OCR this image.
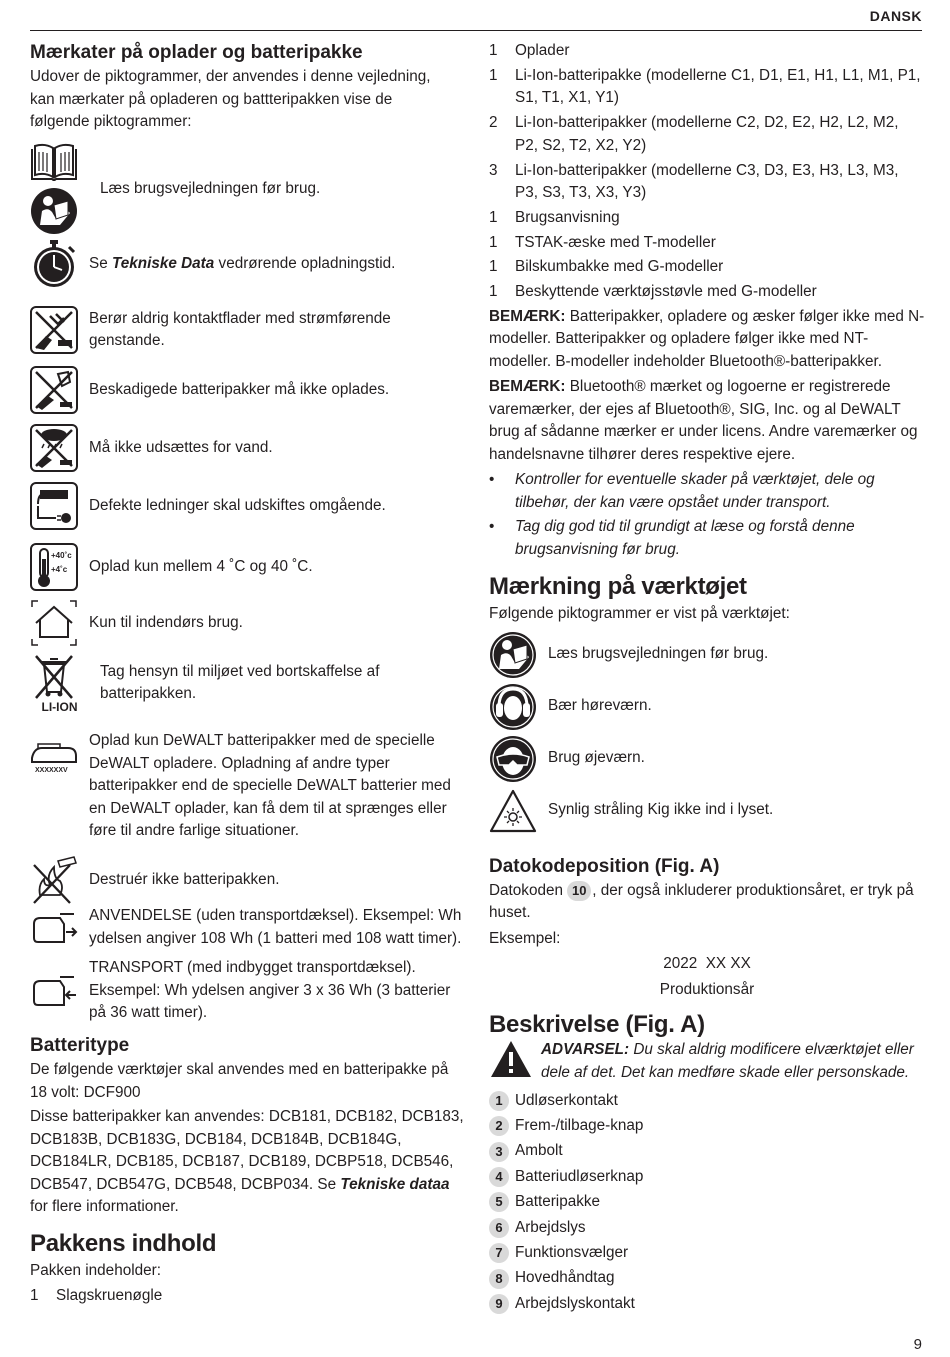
DANSK
Mærkater på oplader og batteripakke

Udover de piktogrammer, der anvendes i denne vejledning, kan mærkater på opladeren og battteripakken vise de følgende piktogrammer:

Læs brugsvejledningen før brug.
Se Tekniske Data vedrørende opladningstid.
Berør aldrig kontaktflader med strømførende genstande.
Beskadigede batteripakker må ikke oplades.
Må ikke udsættes for vand.
!	Defekte ledninger skal udskiftes omgående.
+40˚c
+4˚c Oplad kun mellem 4 ˚C og 40 ˚C.
Kun til indendørs brug.
LI-ION
Tag hensyn til miljøet ved bortskaffelse af batteripakken.
XXXXXXV
Oplad kun DeWALT batteripakker med de specielle DeWALT opladere. Opladning af andre typer batteripakker end de specielle DeWALT batterier med en DeWALT oplader, kan få dem til at sprænges eller føre til andre farlige situationer.
Destruér ikke batteripakken.
ANVENDELSE (uden transportdæksel). Eksempel: Wh ydelsen angiver 108 Wh (1 batteri med 108 watt timer).
TRANSPORT (med indbygget transportdæksel). Eksempel: Wh ydelsen angiver 3 x 36 Wh (3 batterier på 36 watt timer).
Batteritype

De følgende værktøjer skal anvendes med en batteripakke på 18 volt: DCF900

Disse batteripakker kan anvendes: DCB181, DCB182, DCB183, DCB183B, DCB183G, DCB184, DCB184B, DCB184G, DCB184LR, DCB185, DCB187, DCB189, DCBP518, DCB546, DCB547, DCB547G, DCB548, DCBP034. Se Tekniske dataa for flere informationer.

Pakkens indhold

Pakken indeholder:

1	Slagskruenøgle
1	Oplader
1	Li-Ion-batteripakke (modellerne C1, D1, E1, H1, L1, M1, P1, S1, T1, X1, Y1)
2	Li-Ion-batteripakker (modellerne C2, D2, E2, H2, L2, M2, P2, S2, T2, X2, Y2)
3	Li-Ion-batteripakker (modellerne C3, D3, E3, H3, L3, M3, P3, S3, T3, X3, Y3)
1	Brugsanvisning
1	TSTAK-æske med T-modeller
1	Bilskumbakke med G-modeller
1	Beskyttende værktøjsstøvle med G-modeller

BEMÆRK: Batteripakker, opladere og æsker følger ikke med N-modeller. Batteripakker og opladere følger ikke med NT-modeller. B-modeller indeholder Bluetooth®-batteripakker.

BEMÆRK: Bluetooth® mærket og logoerne er registrerede varemærker, der ejes af Bluetooth®, SIG, Inc. og al DeWALT brug af sådanne mærker er under licens. Andre varemærker og handelsnavne tilhører deres respektive ejere.

•	Kontroller for eventuelle skader på værktøjet, dele og tilbehør, der kan være opstået under transport.
•	Tag dig god tid til grundigt at læse og forstå denne brugsanvisning før brug.
Mærkning på værktøjet

Følgende piktogrammer er vist på værktøjet:

Læs brugsvejledningen før brug.
Bær høreværn.
Brug øjeværn.
Synlig stråling Kig ikke ind i lyset.
Datokodeposition (Fig. A)

Datokoden 10 , der også inkluderer produktionsåret, er tryk på huset.

Eksempel:

2022  XX XX

Produktionsår

Beskrivelse (Fig. A)

ADVARSEL: Du skal aldrig modificere elværktøjet eller dele af det. Det kan medføre skade eller personskade.

1 Udløserkontakt
2 Frem-/tilbage-knap
3 Ambolt
4 Batteriudløserknap
5 Batteripakke
6 Arbejdslys
7 Funktionsvælger
8 Hovedhåndtag
9 Arbejdslyskontakt
9
